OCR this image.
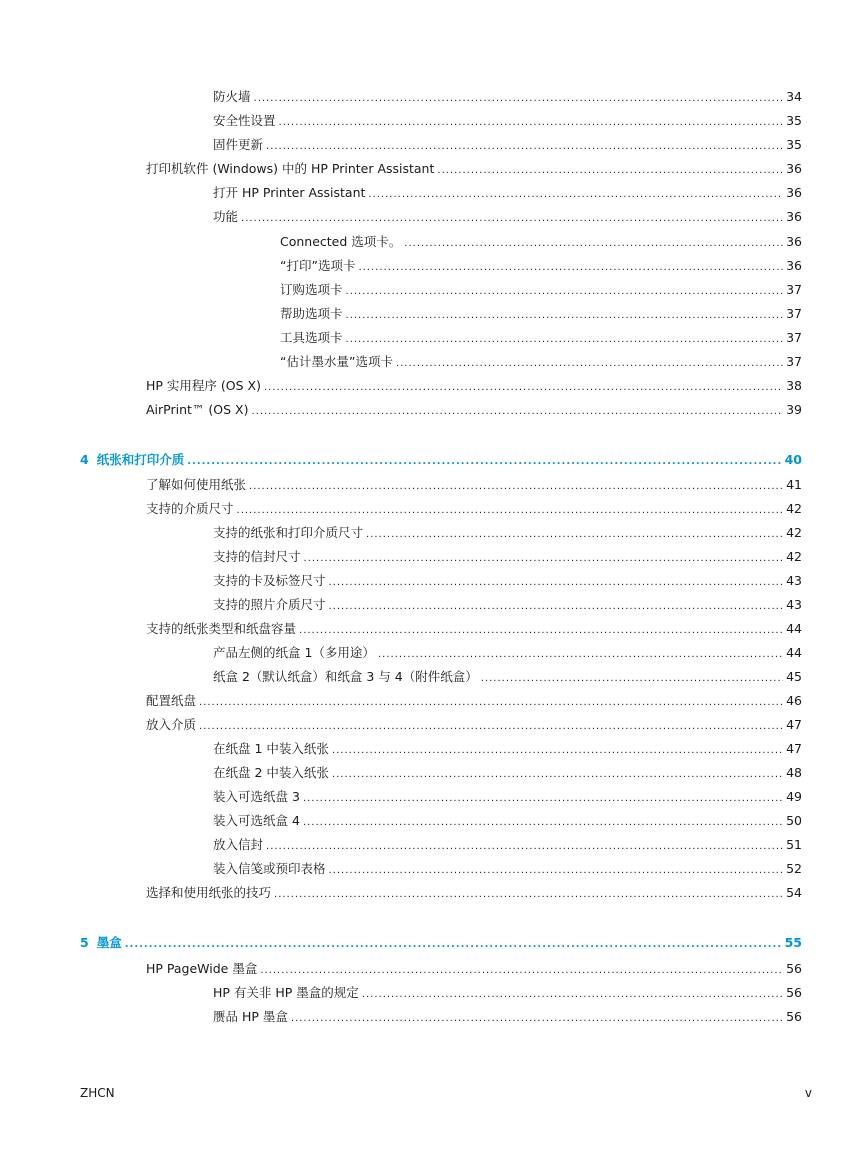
防火墙 .....	34
安全性设置 .....	35
固件更新 .....	35
打印机软件 (Windows) 中的 HP Printer Assistant .....	36
打开 HP Printer Assistant .....	36
功能 .....	36
Connected 选项卡。 .....	36
“打印”选项卡 .....	36
订购选项卡 .....	37
帮助选项卡 .....	37
工具选项卡 .....	37
“估计墨水量”选项卡 .....	37
HP 实用程序 (OS X) .....	38
AirPrint™ (OS X) .....	39
4 纸张和打印介质 .....	40
了解如何使用纸张 .....	41
支持的介质尺寸 .....	42
支持的纸张和打印介质尺寸 .....	42
支持的信封尺寸 .....	42
支持的卡及标签尺寸 .....	43
支持的照片介质尺寸 .....	43
支持的纸张类型和纸盘容量 .....	44
产品左侧的纸盒 1（多用途） .....	44
纸盒 2（默认纸盒）和纸盒 3 与 4（附件纸盒） .....	45
配置纸盘 .....	46
放入介质 .....	47
在纸盘 1 中装入纸张 .....	47
在纸盘 2 中装入纸张 .....	48
装入可选纸盘 3 .....	49
装入可选纸盒 4 .....	50
放入信封 .....	51
装入信笺或预印表格 .....	52
选择和使用纸张的技巧 .....	54
5 墨盒 .....	55
HP PageWide 墨盒 .....	56
HP 有关非 HP 墨盒的规定 .....	56
赝品 HP 墨盒 .....	56
ZHCN	v
